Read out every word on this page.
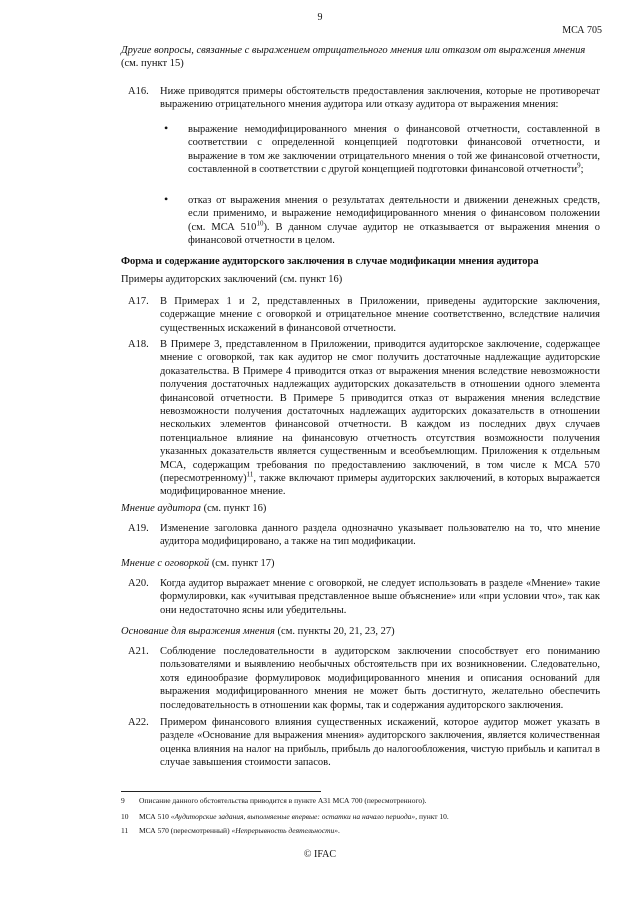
9
МСА 705
Другие вопросы, связанные с выражением отрицательного мнения или отказом от выражения мнения (см. пункт 15)
A16. Ниже приводятся примеры обстоятельств предоставления заключения, которые не противоречат выражению отрицательного мнения аудитора или отказу аудитора от выражения мнения:
• выражение немодифицированного мнения о финансовой отчетности, составленной в соответствии с определенной концепцией подготовки финансовой отчетности, и выражение в том же заключении отрицательного мнения о той же финансовой отчетности, составленной в соответствии с другой концепцией подготовки финансовой отчетности$^9$;
• отказ от выражения мнения о результатах деятельности и движении денежных средств, если применимо, и выражение немодифицированного мнения о финансовом положении (см. МСА $510^{10}$). В данном случае аудитор не отказывается от выражения мнения о финансовой отчетности в целом.
Форма и содержание аудиторского заключения в случае модификации мнения аудитора
Примеры аудиторских заключений (см. пункт 16)
A17. В Примерах 1 и 2, представленных в Приложении, приведены аудиторские заключения, содержащие мнение с оговоркой и отрицательное мнение соответственно, вследствие наличия существенных искажений в финансовой отчетности.
A18. В Примере 3, представленном в Приложении, приводится аудиторское заключение, содержащее мнение с оговоркой, так как аудитор не смог получить достаточные надлежащие аудиторские доказательства. В Примере 4 приводится отказ от выражения мнения вследствие невозможности получения достаточных надлежащих аудиторских доказательств в отношении одного элемента финансовой отчетности. В Примере 5 приводится отказ от выражения мнения вследствие невозможности получения достаточных надлежащих аудиторских доказательств в отношении нескольких элементов финансовой отчетности. В каждом из последних двух случаев потенциальное влияние на финансовую отчетность отсутствия возможности получения указанных доказательств является существенным и всеобъемлющим. Приложения к отдельным МСА, содержащим требования по предоставлению заключений, в том числе к МСА 570 (пересмотренному)$^{11}$, также включают примеры аудиторских заключений, в которых выражается модифицированное мнение.
Мнение аудитора (см. пункт 16)
A19. Изменение заголовка данного раздела однозначно указывает пользователю на то, что мнение аудитора модифицировано, а также на тип модификации.
Мнение с оговоркой (см. пункт 17)
A20. Когда аудитор выражает мнение с оговоркой, не следует использовать в разделе «Мнение» такие формулировки, как «учитывая представленное выше объяснение» или «при условии что», так как они недостаточно ясны или убедительны.
Основание для выражения мнения (см. пункты 20, 21, 23, 27)
A21. Соблюдение последовательности в аудиторском заключении способствует его пониманию пользователями и выявлению необычных обстоятельств при их возникновении. Следовательно, хотя единообразие формулировок модифицированного мнения и описания оснований для выражения модифицированного мнения не может быть достигнуто, желательно обеспечить последовательность в отношении как формы, так и содержания аудиторского заключения.
A22. Примером финансового влияния существенных искажений, которое аудитор может указать в разделе «Основание для выражения мнения» аудиторского заключения, является количественная оценка влияния на налог на прибыль, прибыль до налогообложения, чистую прибыль и капитал в случае завышения стоимости запасов.
9 Описание данного обстоятельства приводится в пункте A31 МСА 700 (пересмотренного).
10 МСА 510 «Аудиторские задания, выполняемые впервые: остатки на начало периода», пункт 10.
11 МСА 570 (пересмотренный) «Непрерывность деятельности».
© IFAC
